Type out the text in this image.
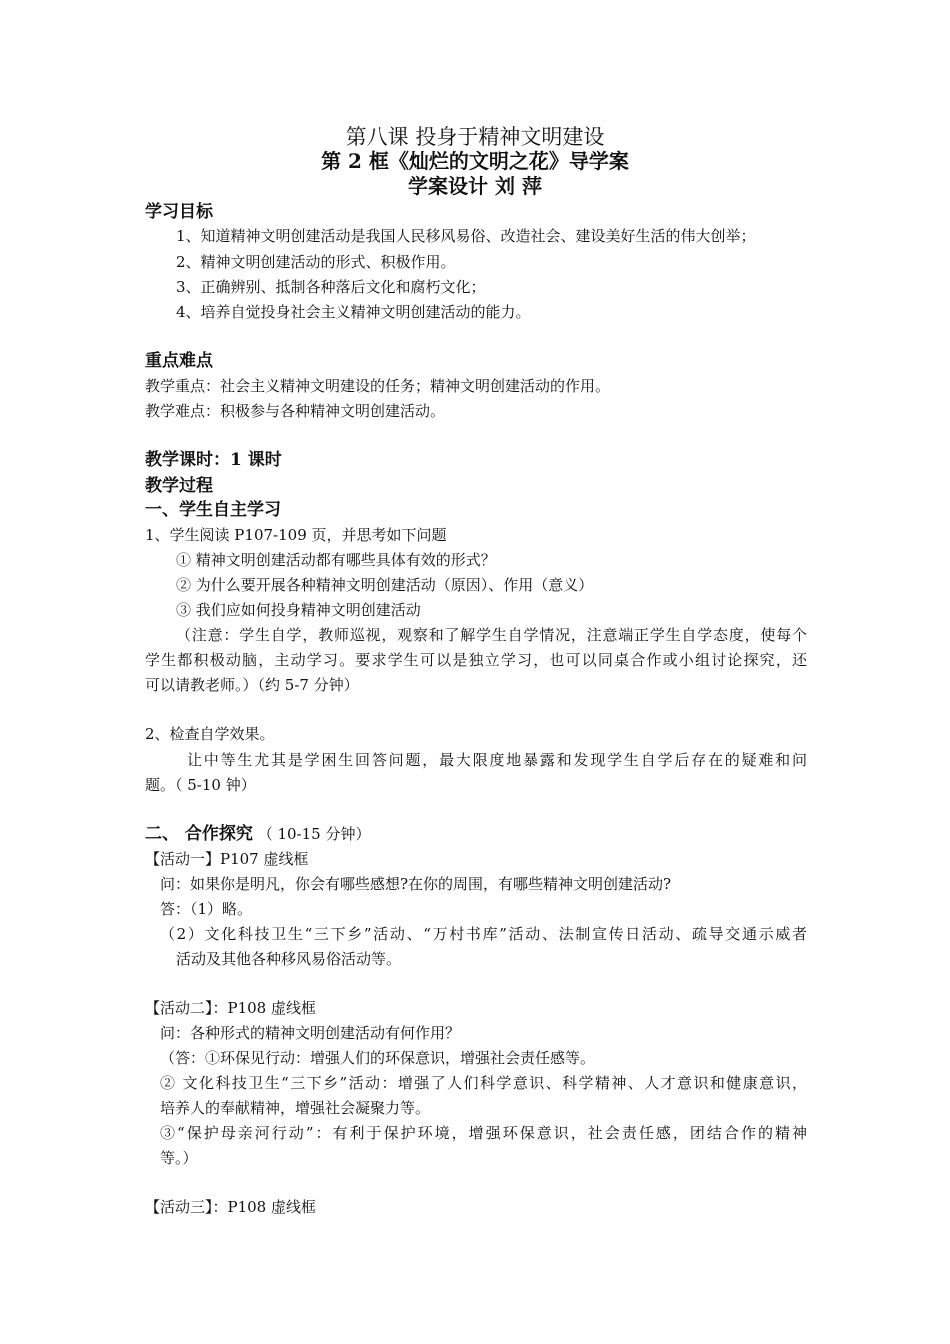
第八课 投身于精神文明建设
第 2 框《灿烂的文明之花》导学案
学案设计 刘 萍
学习目标
1、知道精神文明创建活动是我国人民移风易俗、改造社会、建设美好生活的伟大创举；
2、精神文明创建活动的形式、积极作用。
3、正确辨别、抵制各种落后文化和腐朽文化；
4、培养自觉投身社会主义精神文明创建活动的能力。
重点难点
教学重点：社会主义精神文明建设的任务；精神文明创建活动的作用。
教学难点：积极参与各种精神文明创建活动。
教学课时：1 课时
教学过程
一、学生自主学习
1、学生阅读 P107-109 页，并思考如下问题
① 精神文明创建活动都有哪些具体有效的形式？
② 为什么要开展各种精神文明创建活动（原因）、作用（意义）
③ 我们应如何投身精神文明创建活动
（注意：学生自学，教师巡视，观察和了解学生自学情况，注意端正学生自学态度，使每个
学生都积极动脑，主动学习。要求学生可以是独立学习，也可以同桌合作或小组讨论探究，还
可以请教老师。）（约 5-7 分钟）
2、检查自学效果。
让中等生尤其是学困生回答问题，最大限度地暴露和发现学生自学后存在的疑难和问
题。（ 5-10 钟）
二、 合作探究 （ 10-15 分钟）
【活动一】P107 虚线框
问：如果你是明凡，你会有哪些感想?在你的周围，有哪些精神文明创建活动?
答：（1）略。
（2）文化科技卫生“三下乡”活动、“万村书库”活动、法制宣传日活动、疏导交通示威者
活动及其他各种移风易俗活动等。
【活动二】：P108 虚线框
问：各种形式的精神文明创建活动有何作用？
（答：①环保见行动：增强人们的环保意识，增强社会责任感等。
② 文化科技卫生“三下乡”活动：增强了人们科学意识、科学精神、人才意识和健康意识，
培养人的奉献精神，增强社会凝聚力等。
③“保护母亲河行动”：有利于保护环境，增强环保意识，社会责任感，团结合作的精神
等。）
【活动三】：P108 虚线框
